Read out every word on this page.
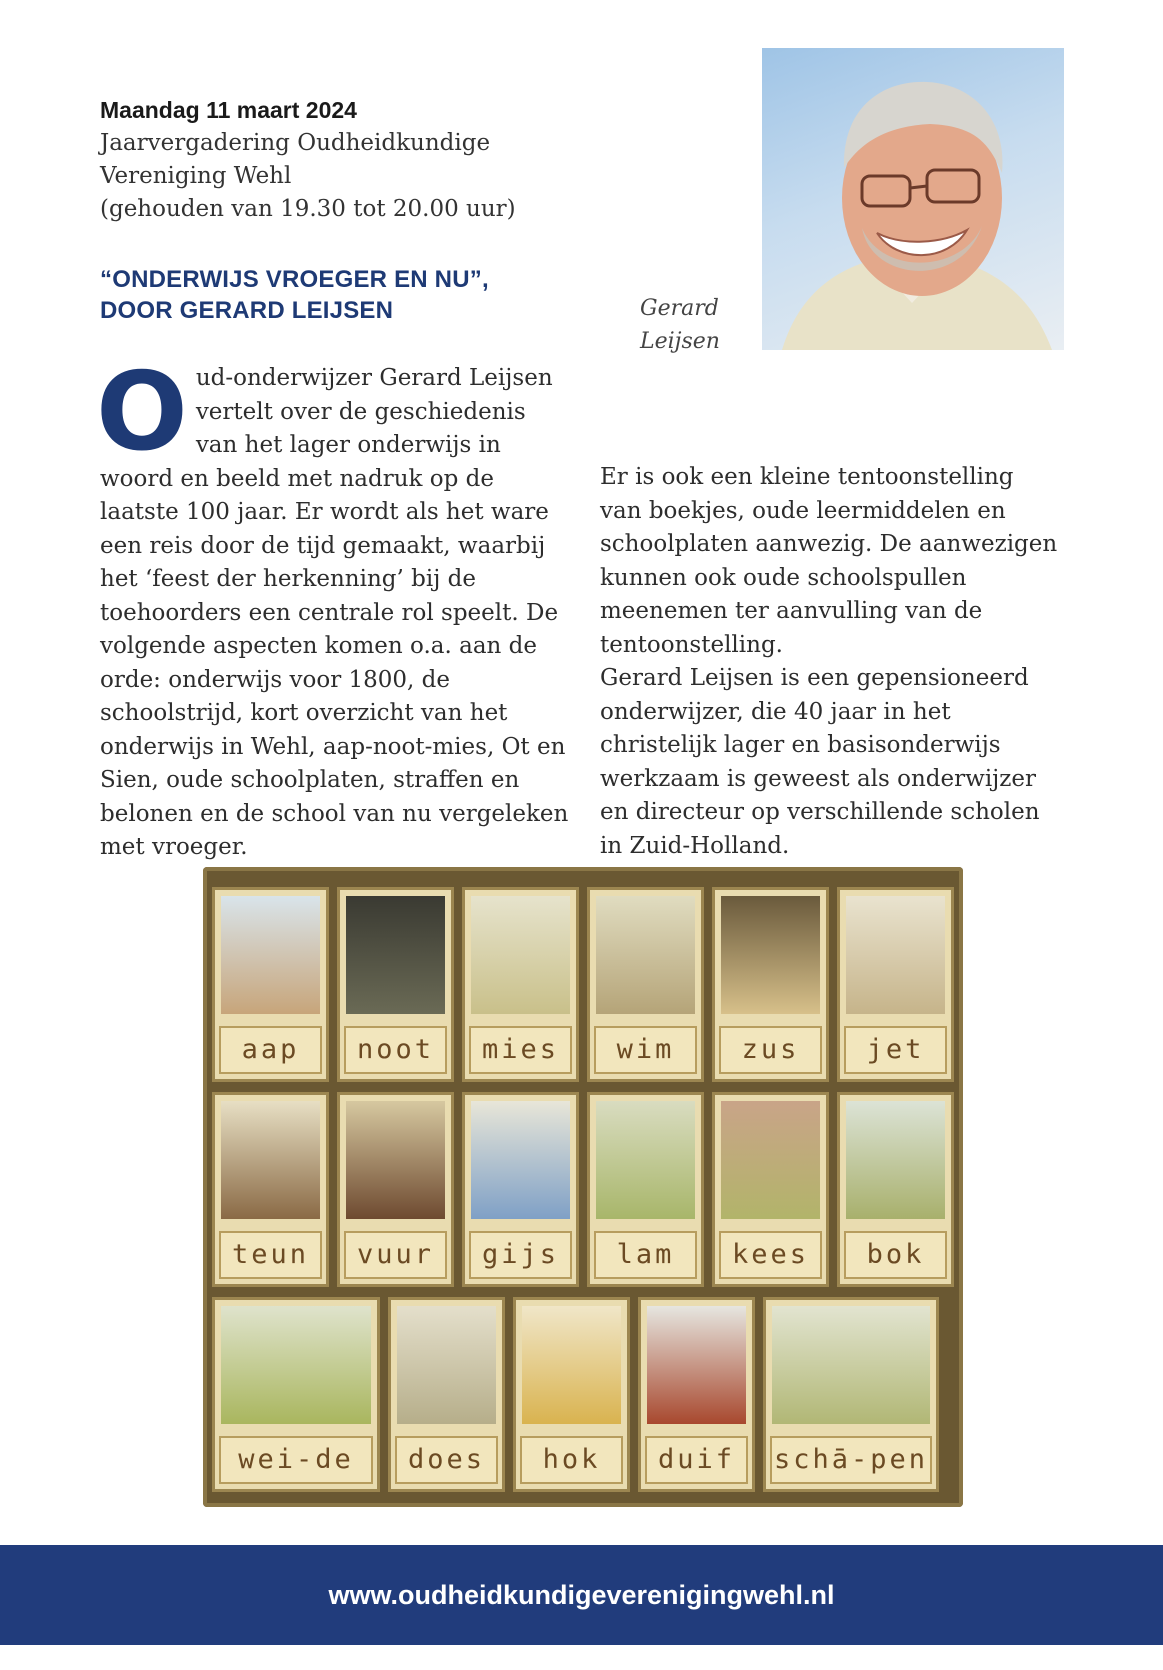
Maandag 11 maart 2024
Jaarvergadering Oudheidkundige
Vereniging Wehl
(gehouden van 19.30 tot 20.00 uur)
“ONDERWIJS VROEGER EN NU”,
DOOR GERARD LEIJSEN	Gerard
Leijsen
O ud-onderwijzer Gerard Leijsen vertelt over de geschiedenis van het lager onderwijs in woord en beeld met nadruk op de laatste 100 jaar. Er wordt als het ware een reis door de tijd gemaakt, waarbij het ‘feest der herkenning’ bij de toehoorders een centrale rol speelt. De volgende aspecten komen o.a. aan de orde: onderwijs voor 1800, de schoolstrijd, kort overzicht van het onderwijs in Wehl, aap-noot-mies, Ot en Sien, oude schoolplaten, straffen en belonen en de school van nu vergeleken met vroeger.

Er is ook een kleine tentoonstelling van boekjes, oude leermiddelen en schoolplaten aanwezig. De aanwezigen kunnen ook oude schoolspullen meenemen ter aanvulling van de tentoonstelling.

Gerard Leijsen is een gepensioneerd onderwijzer, die 40 jaar in het christelijk lager en basisonderwijs werkzaam is geweest als onderwijzer en directeur op verschillende scholen in Zuid-Holland.

aap	noot	mies	wim	zus	jet
teun	vuur	gijs	lam	kees	bok
wei-de	does	hok	duif	schā-pen
www.oudheidkundigeverenigingwehl.nl
